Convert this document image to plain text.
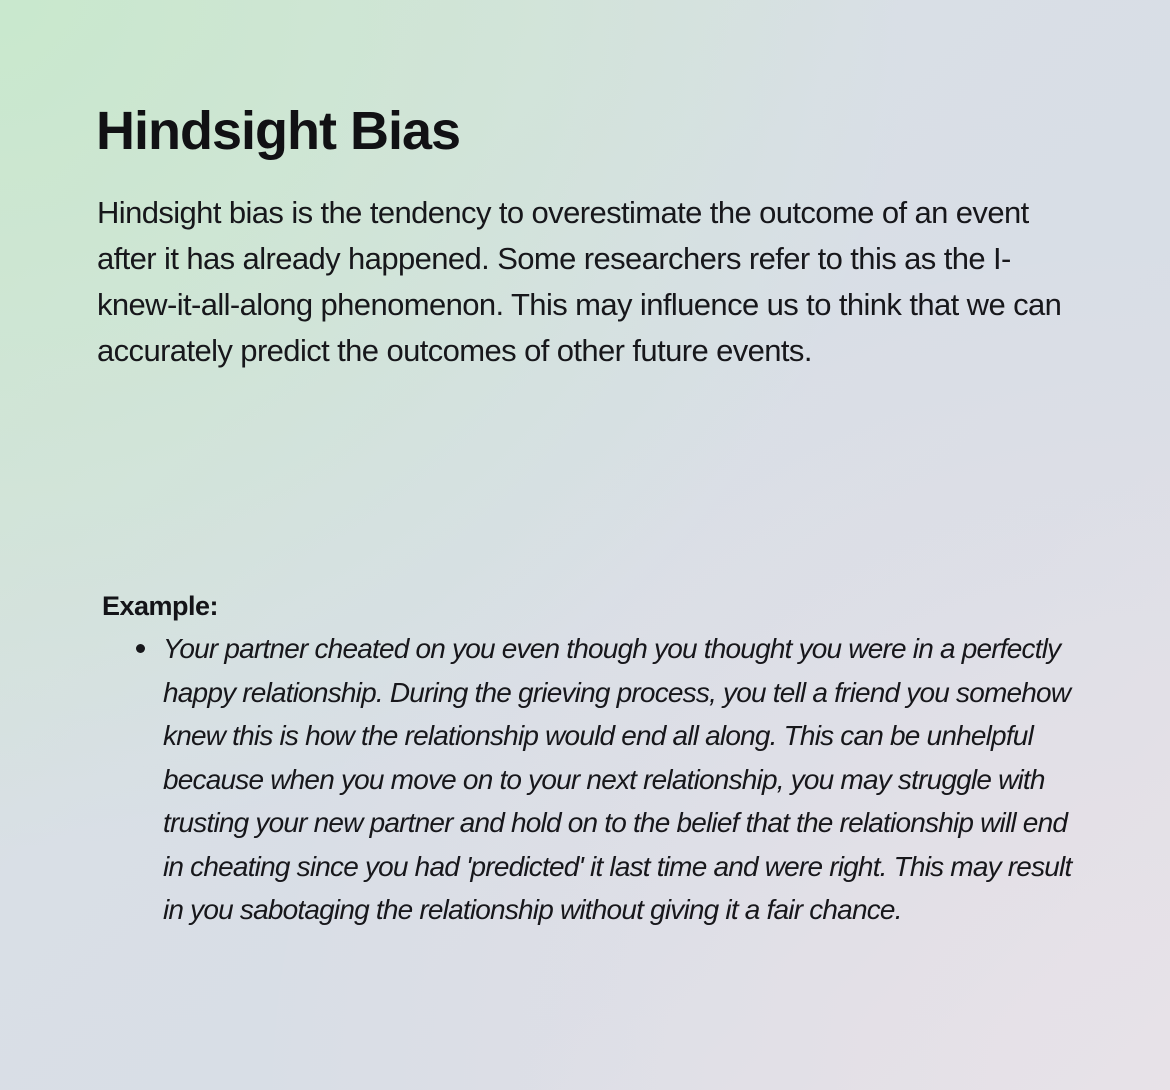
Hindsight Bias

Hindsight bias is the tendency to overestimate the outcome of an event after it has already happened. Some researchers refer to this as the I-knew-it-all-along phenomenon. This may influence us to think that we can accurately predict the outcomes of other future events.

Example:
Your partner cheated on you even though you thought you were in a perfectly happy relationship. During the grieving process, you tell a friend you somehow knew this is how the relationship would end all along. This can be unhelpful because when you move on to your next relationship, you may struggle with trusting your new partner and hold on to the belief that the relationship will end in cheating since you had 'predicted' it last time and were right. This may result in you sabotaging the relationship without giving it a fair chance.
